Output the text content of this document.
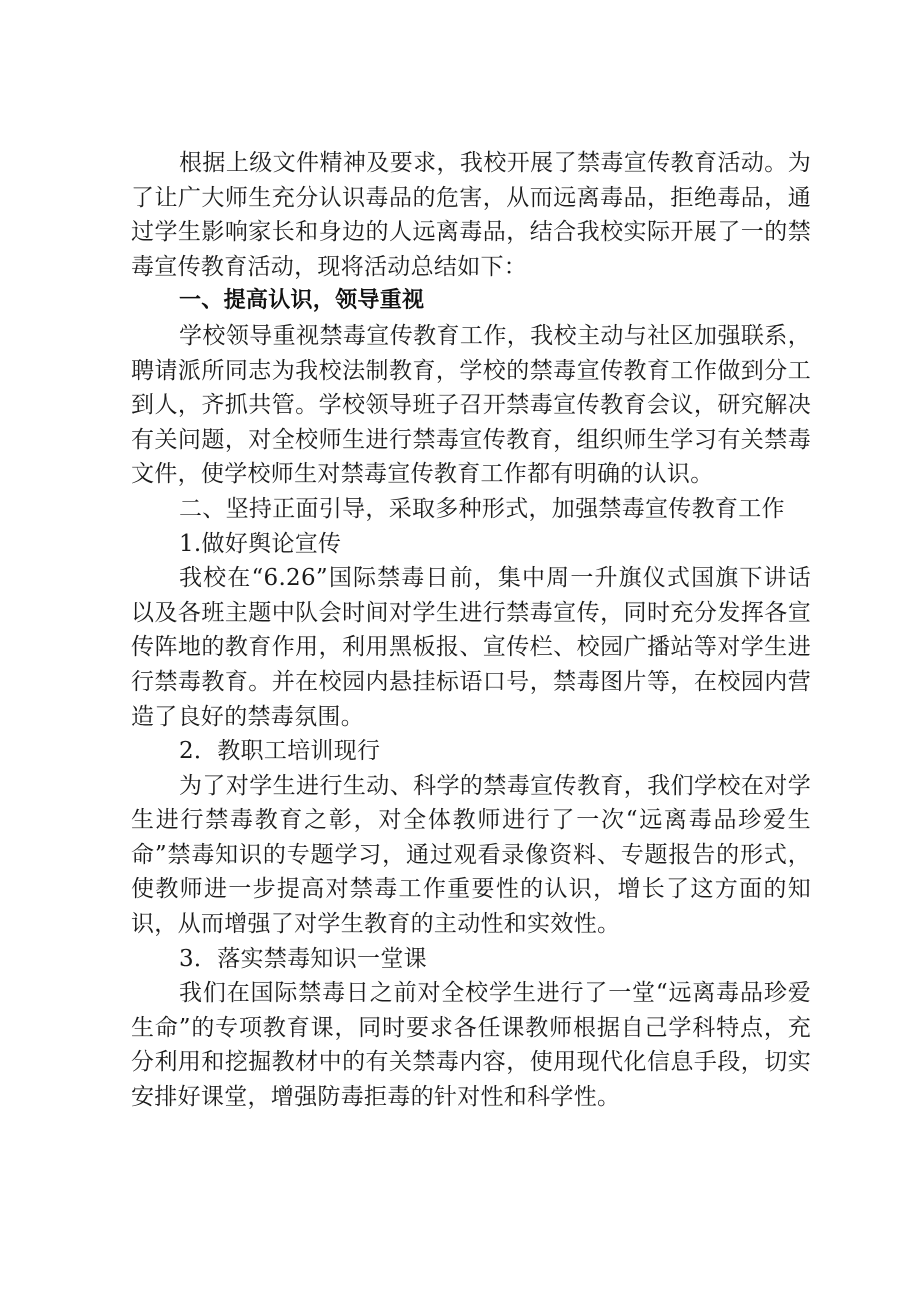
根据上级文件精神及要求，我校开展了禁毒宣传教育活动。为了让广大师生充分认识毒品的危害，从而远离毒品，拒绝毒品，通过学生影响家长和身边的人远离毒品，结合我校实际开展了一的禁毒宣传教育活动，现将活动总结如下：

一、提高认识，领导重视

学校领导重视禁毒宣传教育工作，我校主动与社区加强联系，聘请派所同志为我校法制教育，学校的禁毒宣传教育工作做到分工到人，齐抓共管。学校领导班子召开禁毒宣传教育会议，研究解决有关问题，对全校师生进行禁毒宣传教育，组织师生学习有关禁毒文件，使学校师生对禁毒宣传教育工作都有明确的认识。

二、坚持正面引导，采取多种形式，加强禁毒宣传教育工作

1.做好舆论宣传

我校在“6.26”国际禁毒日前，集中周一升旗仪式国旗下讲话以及各班主题中队会时间对学生进行禁毒宣传，同时充分发挥各宣传阵地的教育作用，利用黑板报、宣传栏、校园广播站等对学生进行禁毒教育。并在校园内悬挂标语口号，禁毒图片等，在校园内营造了良好的禁毒氛围。

2．教职工培训现行

为了对学生进行生动、科学的禁毒宣传教育，我们学校在对学生进行禁毒教育之彰，对全体教师进行了一次“远离毒品珍爱生命”禁毒知识的专题学习，通过观看录像资料、专题报告的形式，使教师进一步提高对禁毒工作重要性的认识，增长了这方面的知识，从而增强了对学生教育的主动性和实效性。

3．落实禁毒知识一堂课

我们在国际禁毒日之前对全校学生进行了一堂“远离毒品珍爱生命”的专项教育课，同时要求各任课教师根据自己学科特点，充分利用和挖掘教材中的有关禁毒内容，使用现代化信息手段，切实安排好课堂，增强防毒拒毒的针对性和科学性。
